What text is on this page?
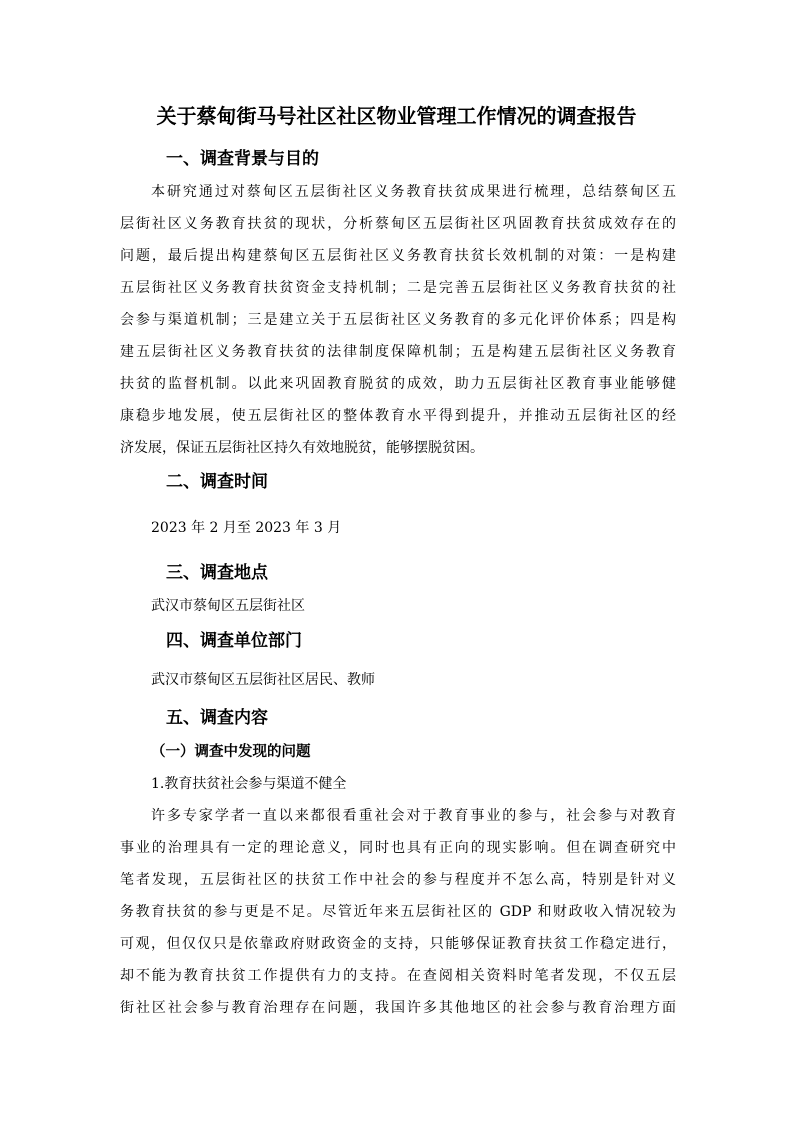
关于蔡甸街马号社区社区物业管理工作情况的调查报告
一、调查背景与目的

本研究通过对蔡甸区五层街社区义务教育扶贫成果进行梳理，总结蔡甸区五

层街社区义务教育扶贫的现状，分析蔡甸区五层街社区巩固教育扶贫成效存在的

问题，最后提出构建蔡甸区五层街社区义务教育扶贫长效机制的对策：一是构建

五层街社区义务教育扶贫资金支持机制；二是完善五层街社区义务教育扶贫的社

会参与渠道机制；三是建立关于五层街社区义务教育的多元化评价体系；四是构

建五层街社区义务教育扶贫的法律制度保障机制；五是构建五层街社区义务教育

扶贫的监督机制。以此来巩固教育脱贫的成效，助力五层街社区教育事业能够健

康稳步地发展，使五层街社区的整体教育水平得到提升，并推动五层街社区的经

济发展，保证五层街社区持久有效地脱贫，能够摆脱贫困。

二、调查时间

2023 年 2 月至 2023 年 3 月

三、调查地点

武汉市蔡甸区五层街社区

四、调查单位部门

武汉市蔡甸区五层街社区居民、教师

五、调查内容
（一）调查中发现的问题

1.教育扶贫社会参与渠道不健全

许多专家学者一直以来都很看重社会对于教育事业的参与，社会参与对教育

事业的治理具有一定的理论意义，同时也具有正向的现实影响。但在调查研究中

笔者发现，五层街社区的扶贫工作中社会的参与程度并不怎么高，特别是针对义

务教育扶贫的参与更是不足。尽管近年来五层街社区的 GDP 和财政收入情况较为

可观，但仅仅只是依靠政府财政资金的支持，只能够保证教育扶贫工作稳定进行，

却不能为教育扶贫工作提供有力的支持。在查阅相关资料时笔者发现，不仅五层

街社区社会参与教育治理存在问题，我国许多其他地区的社会参与教育治理方面
